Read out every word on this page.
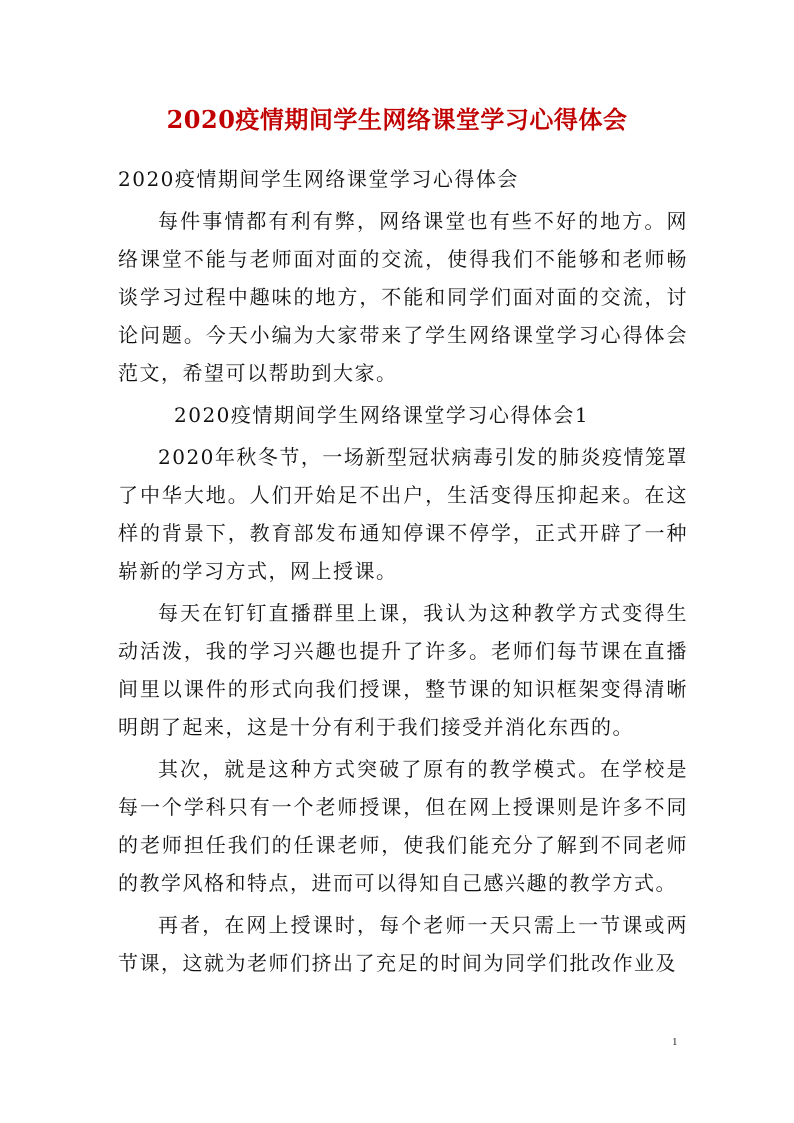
2020疫情期间学生网络课堂学习心得体会

2020疫情期间学生网络课堂学习心得体会

每件事情都有利有弊，网络课堂也有些不好的地方。网络课堂不能与老师面对面的交流，使得我们不能够和老师畅谈学习过程中趣味的地方，不能和同学们面对面的交流，讨论问题。今天小编为大家带来了学生网络课堂学习心得体会范文，希望可以帮助到大家。

2020疫情期间学生网络课堂学习心得体会1

2020年秋冬节，一场新型冠状病毒引发的肺炎疫情笼罩了中华大地。人们开始足不出户，生活变得压抑起来。在这样的背景下，教育部发布通知停课不停学，正式开辟了一种崭新的学习方式，网上授课。

每天在钉钉直播群里上课，我认为这种教学方式变得生动活泼，我的学习兴趣也提升了许多。老师们每节课在直播间里以课件的形式向我们授课，整节课的知识框架变得清晰明朗了起来，这是十分有利于我们接受并消化东西的。

其次，就是这种方式突破了原有的教学模式。在学校是每一个学科只有一个老师授课，但在网上授课则是许多不同的老师担任我们的任课老师，使我们能充分了解到不同老师的教学风格和特点，进而可以得知自己感兴趣的教学方式。

再者，在网上授课时，每个老师一天只需上一节课或两节课，这就为老师们挤出了充足的时间为同学们批改作业及

1
